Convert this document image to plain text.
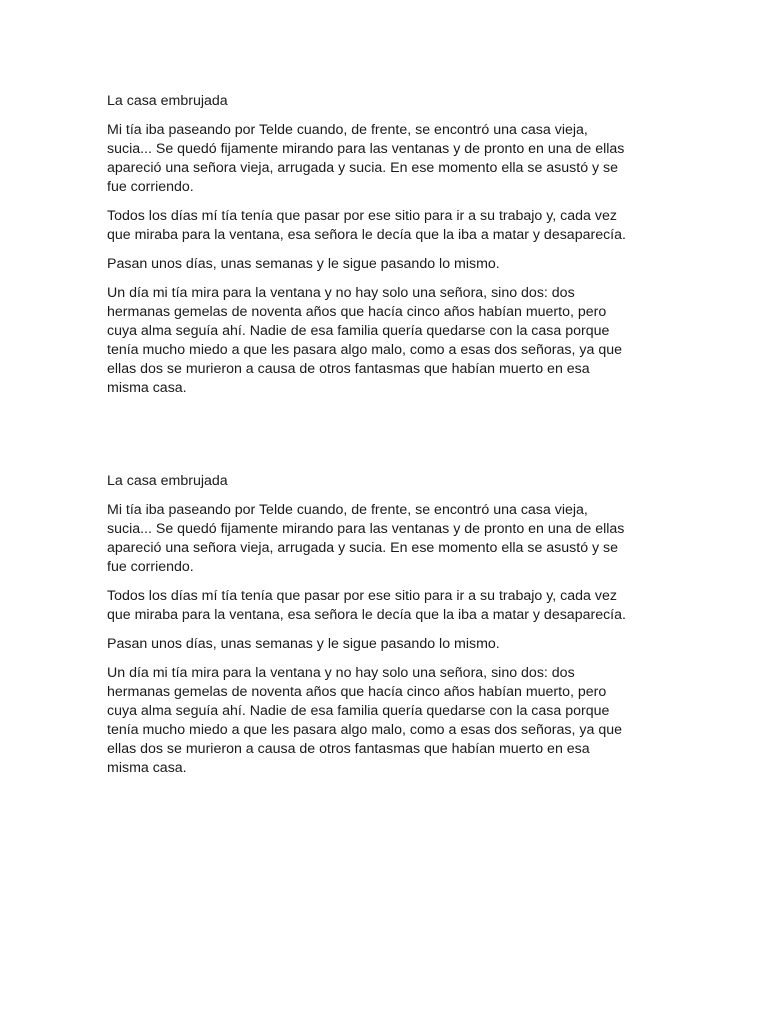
La casa embrujada

Mi tía iba paseando por Telde cuando, de frente, se encontró una casa vieja,
sucia... Se quedó fijamente mirando para las ventanas y de pronto en una de ellas
apareció una señora vieja, arrugada y sucia. En ese momento ella se asustó y se
fue corriendo.

Todos los días mí tía tenía que pasar por ese sitio para ir a su trabajo y, cada vez
que miraba para la ventana, esa señora le decía que la iba a matar y desaparecía.

Pasan unos días, unas semanas y le sigue pasando lo mismo.

Un día mi tía mira para la ventana y no hay solo una señora, sino dos: dos
hermanas gemelas de noventa años que hacía cinco años habían muerto, pero
cuya alma seguía ahí. Nadie de esa familia quería quedarse con la casa porque
tenía mucho miedo a que les pasara algo malo, como a esas dos señoras, ya que
ellas dos se murieron a causa de otros fantasmas que habían muerto en esa
misma casa.

La casa embrujada

Mi tía iba paseando por Telde cuando, de frente, se encontró una casa vieja,
sucia... Se quedó fijamente mirando para las ventanas y de pronto en una de ellas
apareció una señora vieja, arrugada y sucia. En ese momento ella se asustó y se
fue corriendo.

Todos los días mí tía tenía que pasar por ese sitio para ir a su trabajo y, cada vez
que miraba para la ventana, esa señora le decía que la iba a matar y desaparecía.

Pasan unos días, unas semanas y le sigue pasando lo mismo.

Un día mi tía mira para la ventana y no hay solo una señora, sino dos: dos
hermanas gemelas de noventa años que hacía cinco años habían muerto, pero
cuya alma seguía ahí. Nadie de esa familia quería quedarse con la casa porque
tenía mucho miedo a que les pasara algo malo, como a esas dos señoras, ya que
ellas dos se murieron a causa de otros fantasmas que habían muerto en esa
misma casa.
